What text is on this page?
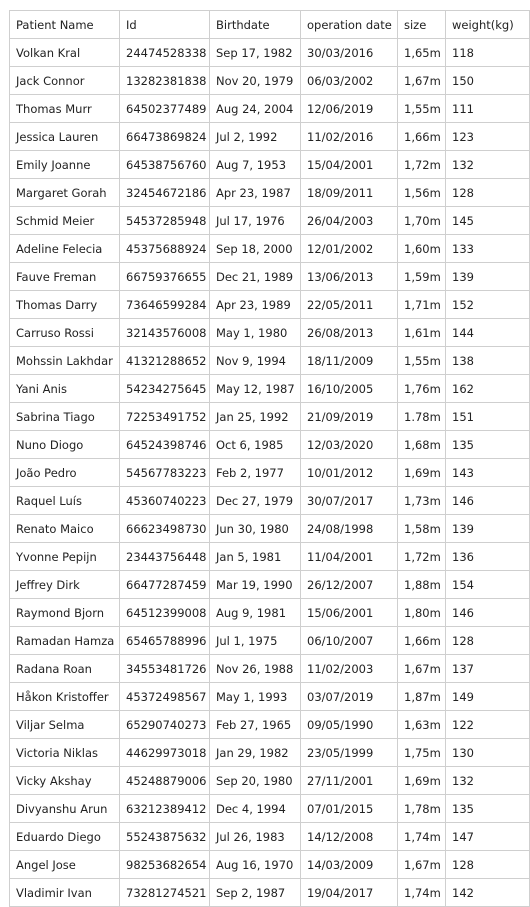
Patient Name	Id	Birthdate	operation date	size	weight(kg)
Volkan Kral	24474528338	Sep 17, 1982	30/03/2016	1,65m	118
Jack Connor	13282381838	Nov 20, 1979	06/03/2002	1,67m	150
Thomas Murr	64502377489	Aug 24, 2004	12/06/2019	1,55m	111
Jessica Lauren	66473869824	Jul 2, 1992	11/02/2016	1,66m	123
Emily Joanne	64538756760	Aug 7, 1953	15/04/2001	1,72m	132
Margaret Gorah	32454672186	Apr 23, 1987	18/09/2011	1,56m	128
Schmid Meier	54537285948	Jul 17, 1976	26/04/2003	1,70m	145
Adeline Felecia	45375688924	Sep 18, 2000	12/01/2002	1,60m	133
Fauve Freman	66759376655	Dec 21, 1989	13/06/2013	1,59m	139
Thomas Darry	73646599284	Apr 23, 1989	22/05/2011	1,71m	152
Carruso Rossi	32143576008	May 1, 1980	26/08/2013	1,61m	144
Mohssin Lakhdar	41321288652	Nov 9, 1994	18/11/2009	1,55m	138
Yani Anis	54234275645	May 12, 1987	16/10/2005	1,76m	162
Sabrina Tiago	72253491752	Jan 25, 1992	21/09/2019	1.78m	151
Nuno Diogo	64524398746	Oct 6, 1985	12/03/2020	1,68m	135
João Pedro	54567783223	Feb 2, 1977	10/01/2012	1,69m	143
Raquel Luís	45360740223	Dec 27, 1979	30/07/2017	1,73m	146
Renato Maico	66623498730	Jun 30, 1980	24/08/1998	1,58m	139
Yvonne Pepijn	23443756448	Jan 5, 1981	11/04/2001	1,72m	136
Jeffrey Dirk	66477287459	Mar 19, 1990	26/12/2007	1,88m	154
Raymond Bjorn	64512399008	Aug 9, 1981	15/06/2001	1,80m	146
Ramadan Hamza	65465788996	Jul 1, 1975	06/10/2007	1,66m	128
Radana Roan	34553481726	Nov 26, 1988	11/02/2003	1,67m	137
Håkon Kristoffer	45372498567	May 1, 1993	03/07/2019	1,87m	149
Viljar Selma	65290740273	Feb 27, 1965	09/05/1990	1,63m	122
Victoria Niklas	44629973018	Jan 29, 1982	23/05/1999	1,75m	130
Vicky Akshay	45248879006	Sep 20, 1980	27/11/2001	1,69m	132
Divyanshu Arun	63212389412	Dec 4, 1994	07/01/2015	1,78m	135
Eduardo Diego	55243875632	Jul 26, 1983	14/12/2008	1,74m	147
Angel Jose	98253682654	Aug 16, 1970	14/03/2009	1,67m	128
Vladimir Ivan	73281274521	Sep 2, 1987	19/04/2017	1,74m	142
